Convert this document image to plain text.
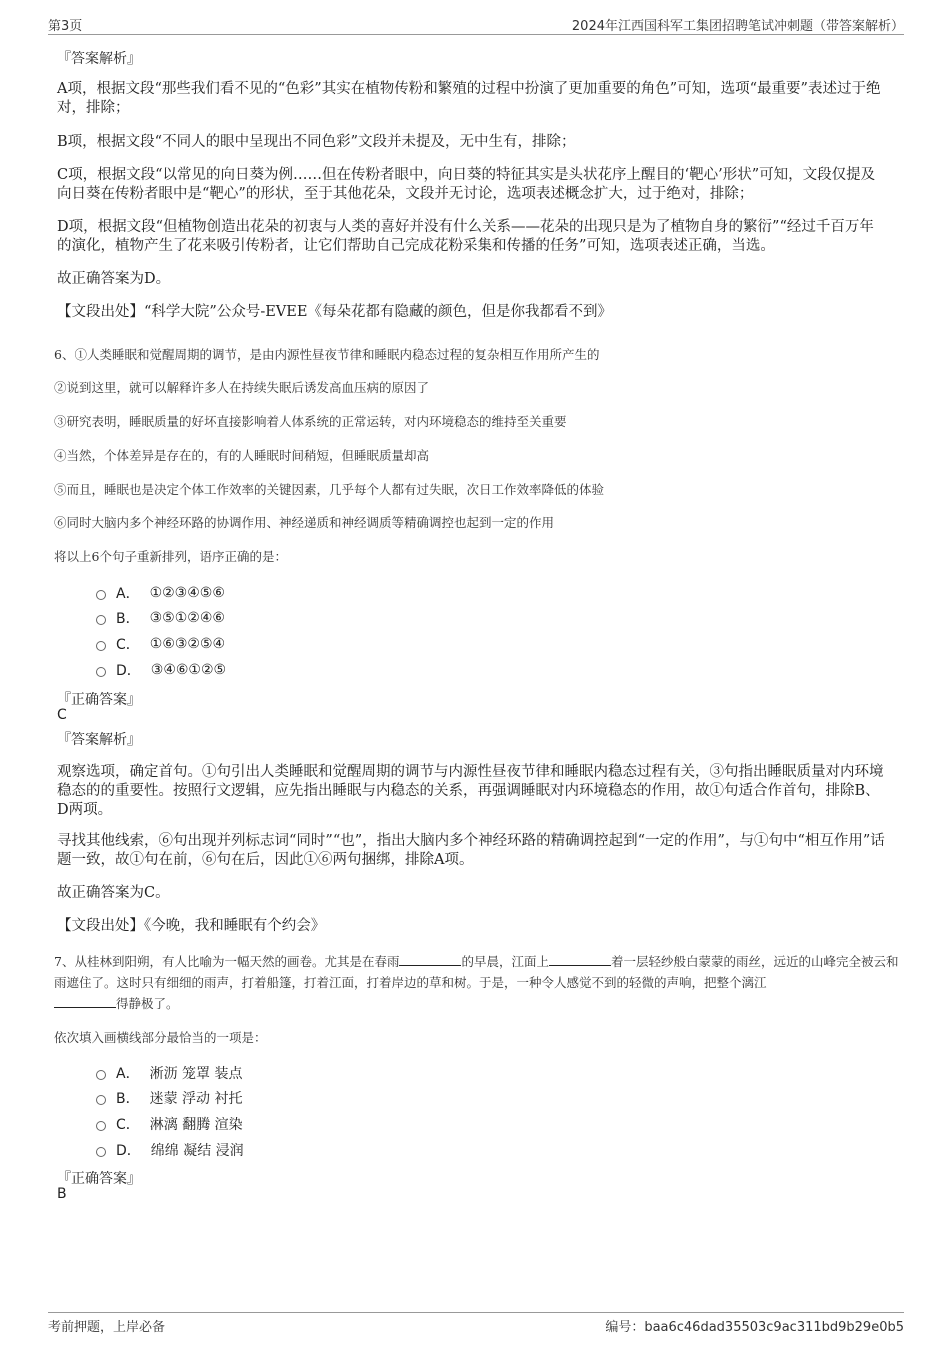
第3页	2024年江西国科军工集团招聘笔试冲刺题（带答案解析）
『答案解析』
A项，根据文段“那些我们看不见的“色彩”其实在植物传粉和繁殖的过程中扮演了更加重要的角色”可知，选项“最重要”表述过于绝对，排除；
B项，根据文段“不同人的眼中呈现出不同色彩”文段并未提及，无中生有，排除；
C项，根据文段“以常见的向日葵为例……但在传粉者眼中，向日葵的特征其实是头状花序上醒目的‘靶心’形状”可知，文段仅提及向日葵在传粉者眼中是“靶心”的形状，至于其他花朵，文段并无讨论，选项表述概念扩大，过于绝对，排除；
D项，根据文段“但植物创造出花朵的初衷与人类的喜好并没有什么关系——花朵的出现只是为了植物自身的繁衍”“经过千百万年的演化，植物产生了花来吸引传粉者，让它们帮助自己完成花粉采集和传播的任务”可知，选项表述正确，当选。
故正确答案为D。
【文段出处】“科学大院”公众号-EVEE《每朵花都有隐藏的颜色，但是你我都看不到》
6、①人类睡眠和觉醒周期的调节，是由内源性昼夜节律和睡眠内稳态过程的复杂相互作用所产生的
②说到这里，就可以解释许多人在持续失眠后诱发高血压病的原因了
③研究表明，睡眠质量的好坏直接影响着人体系统的正常运转，对内环境稳态的维持至关重要
④当然，个体差异是存在的，有的人睡眠时间稍短，但睡眠质量却高
⑤而且，睡眠也是决定个体工作效率的关键因素，几乎每个人都有过失眠，次日工作效率降低的体验
⑥同时大脑内多个神经环路的协调作用、神经递质和神经调质等精确调控也起到一定的作用
将以上6个句子重新排列，语序正确的是：
A． ①②③④⑤⑥
B． ③⑤①②④⑥
C． ①⑥③②⑤④
D． ③④⑥①②⑤
『正确答案』
C
『答案解析』
观察选项，确定首句。①句引出人类睡眠和觉醒周期的调节与内源性昼夜节律和睡眠内稳态过程有关，③句指出睡眠质量对内环境稳态的的重要性。按照行文逻辑，应先指出睡眠与内稳态的关系，再强调睡眠对内环境稳态的作用，故①句适合作首句，排除B、D两项。
寻找其他线索，⑥句出现并列标志词“同时”“也”，指出大脑内多个神经环路的精确调控起到“一定的作用”，与①句中“相互作用”话题一致，故①句在前，⑥句在后，因此①⑥两句捆绑，排除A项。
故正确答案为C。
【文段出处】《今晚，我和睡眠有个约会》
7、从桂林到阳朔，有人比喻为一幅天然的画卷。尤其是在春雨	的早晨，江面上	着一层轻纱般白蒙蒙的雨丝，远近的山峰完全被云和雨遮住了。这时只有细细的雨声，打着船篷，打着江面，打着岸边的草和树。于是，一种令人感觉不到的轻微的声响，把整个漓江
得静极了。
依次填入画横线部分最恰当的一项是：
A． 淅沥 笼罩 装点
B． 迷蒙 浮动 衬托
C． 淋漓 翻腾 渲染
D． 绵绵 凝结 浸润
『正确答案』
B
考前押题，上岸必备	编号：baa6c46dad35503c9ac311bd9b29e0b5
